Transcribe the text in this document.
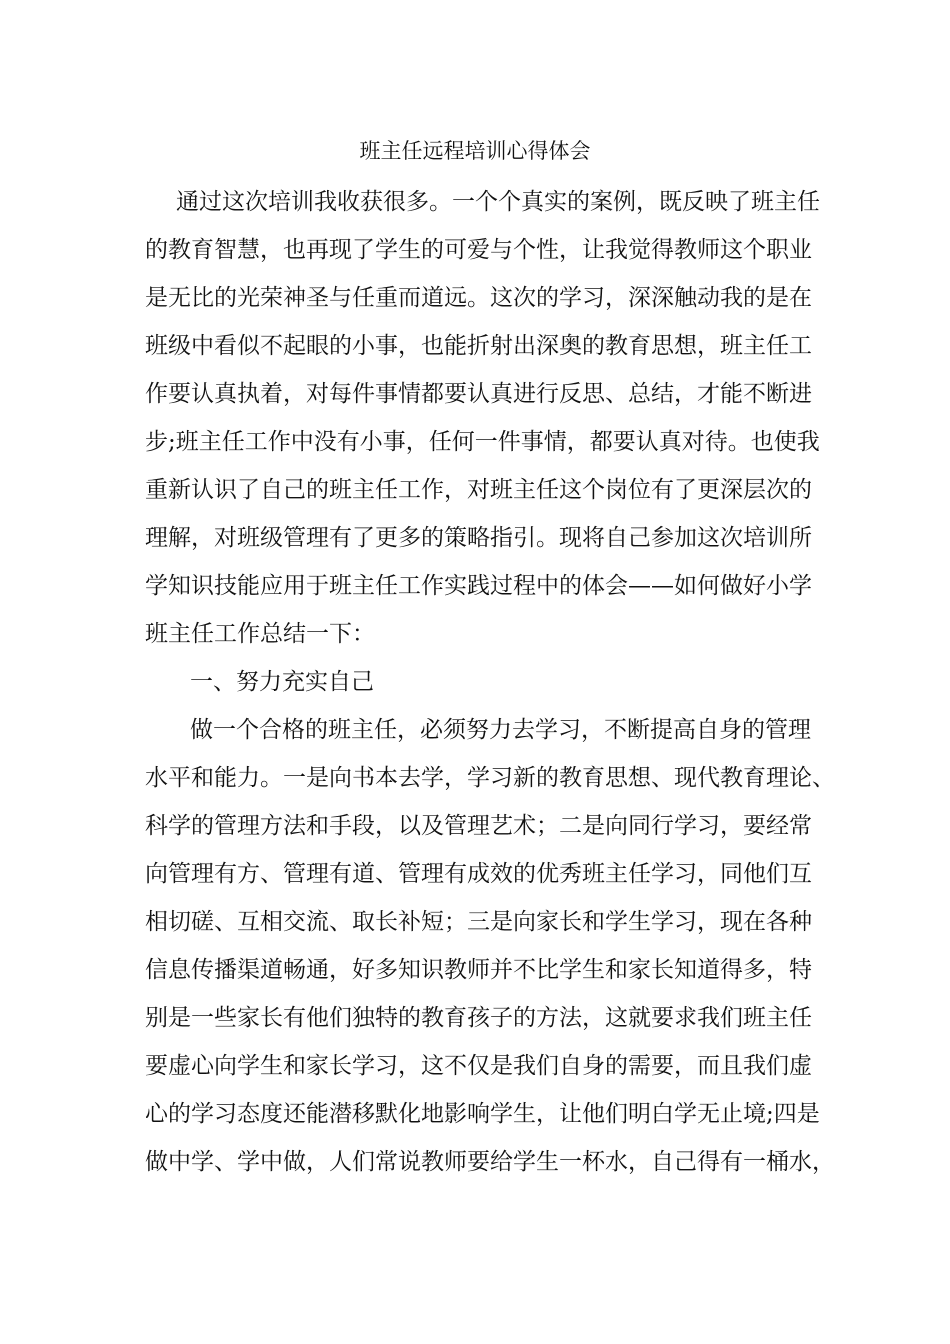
班主任远程培训心得体会

通过这次培训我收获很多。一个个真实的案例，既反映了班主任

的教育智慧，也再现了学生的可爱与个性，让我觉得教师这个职业

是无比的光荣神圣与任重而道远。这次的学习，深深触动我的是在

班级中看似不起眼的小事，也能折射出深奥的教育思想，班主任工

作要认真执着，对每件事情都要认真进行反思、总结，才能不断进

步;班主任工作中没有小事，任何一件事情，都要认真对待。也使我

重新认识了自己的班主任工作，对班主任这个岗位有了更深层次的

理解，对班级管理有了更多的策略指引。现将自己参加这次培训所

学知识技能应用于班主任工作实践过程中的体会——如何做好小学

班主任工作总结一下：

一、努力充实自己

做一个合格的班主任，必须努力去学习，不断提高自身的管理

水平和能力。一是向书本去学，学习新的教育思想、现代教育理论、

科学的管理方法和手段，以及管理艺术；二是向同行学习，要经常

向管理有方、管理有道、管理有成效的优秀班主任学习，同他们互

相切磋、互相交流、取长补短；三是向家长和学生学习，现在各种

信息传播渠道畅通，好多知识教师并不比学生和家长知道得多，特

别是一些家长有他们独特的教育孩子的方法，这就要求我们班主任

要虚心向学生和家长学习，这不仅是我们自身的需要，而且我们虚

心的学习态度还能潜移默化地影响学生，让他们明白学无止境;四是

做中学、学中做，人们常说教师要给学生一杯水，自己得有一桶水，
